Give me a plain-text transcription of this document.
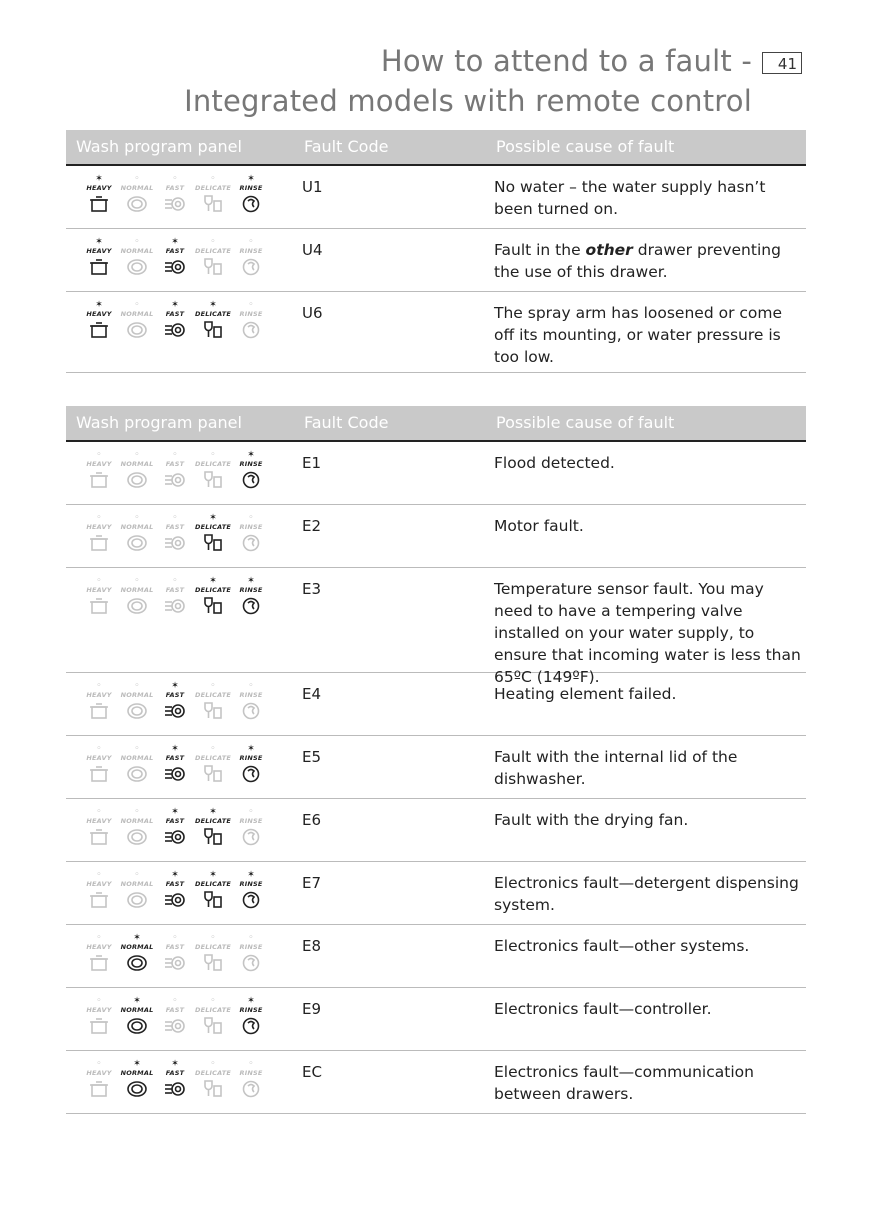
How to attend to a fault -	41
Integrated models with remote control
Wash program panel	Fault Code	Possible cause of fault
✶
HEAVY
◦
NORMAL
◦
FAST
◦
DELICATE
✶
RINSE	U1	No water – the water supply hasn’t been turned on.
✶
HEAVY
◦
NORMAL
✶
FAST
◦
DELICATE
◦
RINSE	U4	Fault in the other drawer preventing the use of this drawer.
✶
HEAVY
◦
NORMAL
✶
FAST
✶
DELICATE
◦
RINSE	U6	The spray arm has loosened or come off its mounting, or water pressure is too low.
Wash program panel	Fault Code	Possible cause of fault
◦
HEAVY
◦
NORMAL
◦
FAST
◦
DELICATE
✶
RINSE	E1	Flood detected.
◦
HEAVY
◦
NORMAL
◦
FAST
✶
DELICATE
◦
RINSE	E2	Motor fault.
◦
HEAVY
◦
NORMAL
◦
FAST
✶
DELICATE
✶
RINSE	E3	Temperature sensor fault. You may need to have a tempering valve installed on your water supply, to ensure that incoming water is less than 65ºC (149ºF).
◦
HEAVY
◦
NORMAL
✶
FAST
◦
DELICATE
◦
RINSE	E4	Heating element failed.
◦
HEAVY
◦
NORMAL
✶
FAST
◦
DELICATE
✶
RINSE	E5	Fault with the internal lid of the dishwasher.
◦
HEAVY
◦
NORMAL
✶
FAST
✶
DELICATE
◦
RINSE	E6	Fault with the drying fan.
◦
HEAVY
◦
NORMAL
✶
FAST
✶
DELICATE
✶
RINSE	E7	Electronics fault—detergent dispensing system.
◦
HEAVY
✶
NORMAL
◦
FAST
◦
DELICATE
◦
RINSE	E8	Electronics fault—other systems.
◦
HEAVY
✶
NORMAL
◦
FAST
◦
DELICATE
✶
RINSE	E9	Electronics fault—controller.
◦
HEAVY
✶
NORMAL
✶
FAST
◦
DELICATE
◦
RINSE	EC	Electronics fault—communication between drawers.
